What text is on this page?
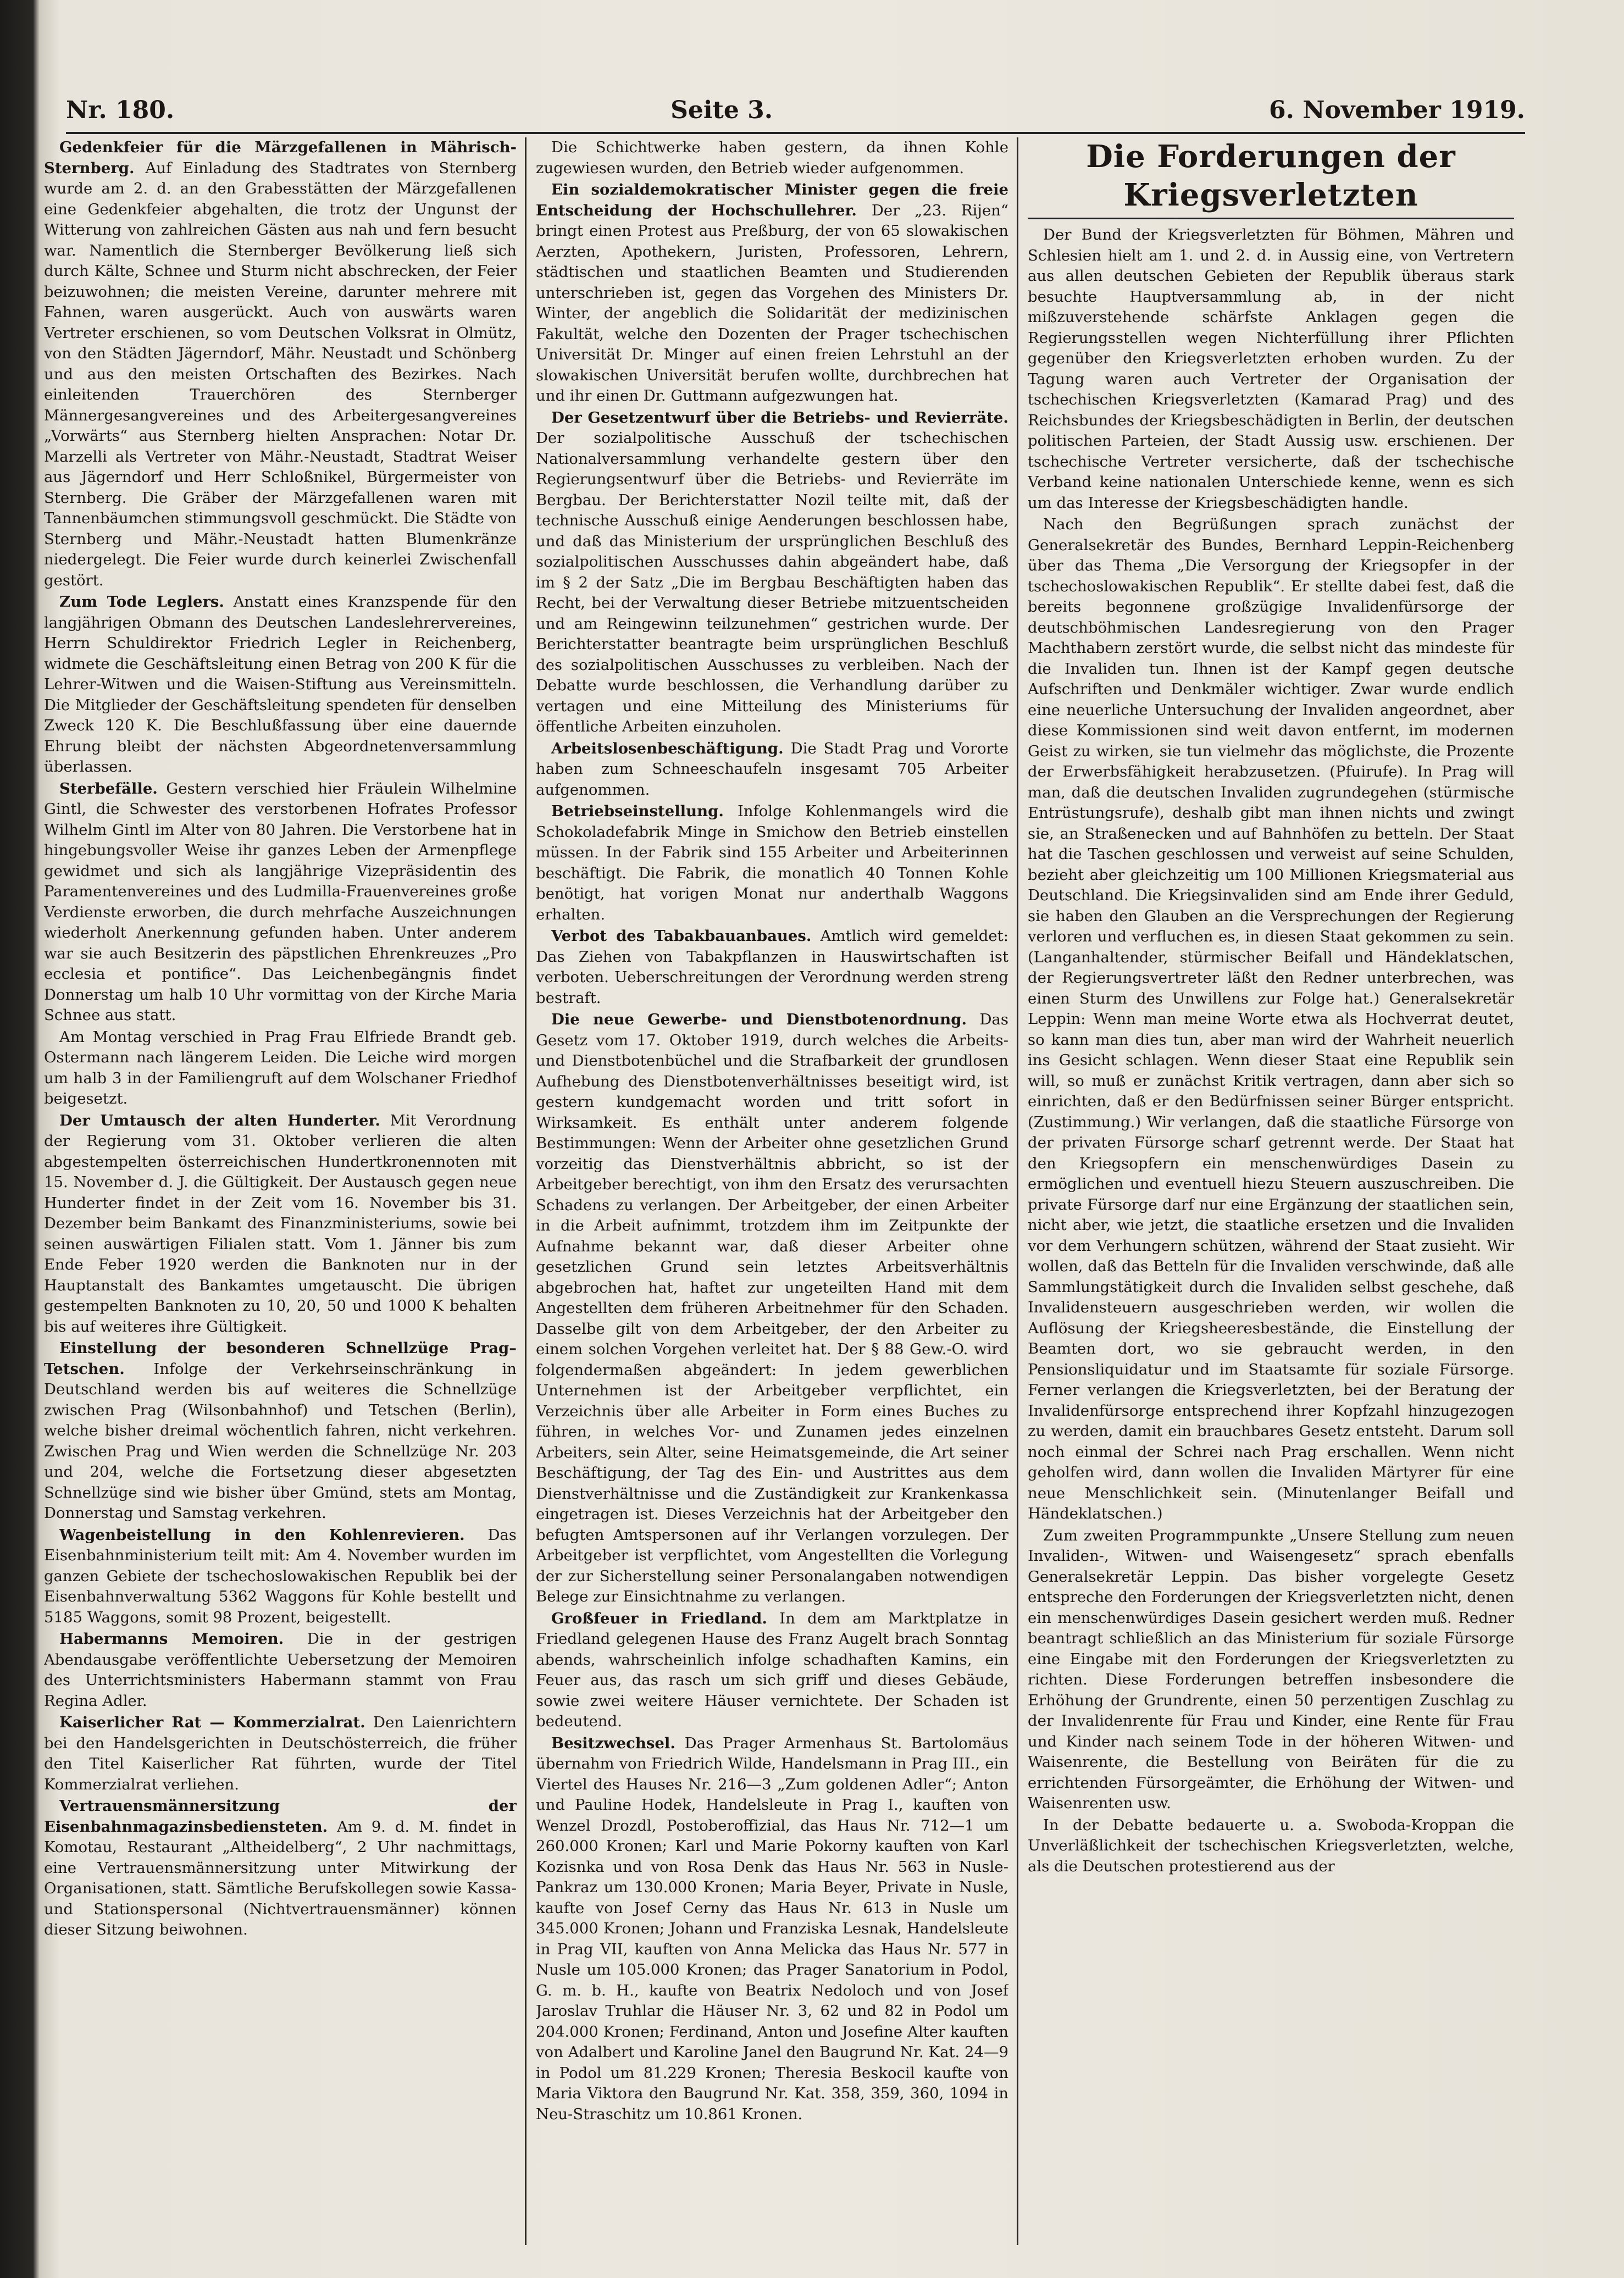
Nr. 180.	Seite 3.	6. November 1919.

Gedenkfeier für die Märzgefallenen in Mährisch-Sternberg. Auf Einladung des Stadtrates von Sternberg wurde am 2. d. an den Grabesstätten der Märzgefallenen eine Gedenkfeier abgehalten, die trotz der Ungunst der Witterung von zahlreichen Gästen aus nah und fern besucht war. Namentlich die Sternberger Bevölkerung ließ sich durch Kälte, Schnee und Sturm nicht abschrecken, der Feier beizuwohnen; die meisten Vereine, darunter mehrere mit Fahnen, waren ausgerückt. Auch von auswärts waren Vertreter erschienen, so vom Deutschen Volksrat in Olmütz, von den Städten Jägerndorf, Mähr. Neustadt und Schönberg und aus den meisten Ortschaften des Bezirkes. Nach einleitenden Trauerchören des Sternberger Männergesangvereines und des Arbeitergesangvereines „Vorwärts“ aus Sternberg hielten Ansprachen: Notar Dr. Marzelli als Vertreter von Mähr.-Neustadt, Stadtrat Weiser aus Jägerndorf und Herr Schloßnikel, Bürgermeister von Sternberg. Die Gräber der Märzgefallenen waren mit Tannenbäumchen stimmungsvoll geschmückt. Die Städte von Sternberg und Mähr.-Neustadt hatten Blumenkränze niedergelegt. Die Feier wurde durch keinerlei Zwischenfall gestört.

Zum Tode Leglers. Anstatt eines Kranzspende für den langjährigen Obmann des Deutschen Landeslehrervereines, Herrn Schuldirektor Friedrich Legler in Reichenberg, widmete die Geschäftsleitung einen Betrag von 200 K für die Lehrer-Witwen und die Waisen-Stiftung aus Vereinsmitteln. Die Mitglieder der Geschäftsleitung spendeten für denselben Zweck 120 K. Die Beschlußfassung über eine dauernde Ehrung bleibt der nächsten Abgeordnetenversammlung überlassen.

Sterbefälle. Gestern verschied hier Fräulein Wilhelmine Gintl, die Schwester des verstorbenen Hofrates Professor Wilhelm Gintl im Alter von 80 Jahren. Die Verstorbene hat in hingebungsvoller Weise ihr ganzes Leben der Armenpflege gewidmet und sich als langjährige Vizepräsidentin des Paramentenvereines und des Ludmilla-Frauenvereines große Verdienste erworben, die durch mehrfache Auszeichnungen wiederholt Anerkennung gefunden haben. Unter anderem war sie auch Besitzerin des päpstlichen Ehrenkreuzes „Pro ecclesia et pontifice“. Das Leichenbegängnis findet Donnerstag um halb 10 Uhr vormittag von der Kirche Maria Schnee aus statt.

Am Montag verschied in Prag Frau Elfriede Brandt geb. Ostermann nach längerem Leiden. Die Leiche wird morgen um halb 3 in der Familiengruft auf dem Wolschaner Friedhof beigesetzt.

Der Umtausch der alten Hunderter. Mit Verordnung der Regierung vom 31. Oktober verlieren die alten abgestempelten österreichischen Hundertkronennoten mit 15. November d. J. die Gültigkeit. Der Austausch gegen neue Hunderter findet in der Zeit vom 16. November bis 31. Dezember beim Bankamt des Finanzministeriums, sowie bei seinen auswärtigen Filialen statt. Vom 1. Jänner bis zum Ende Feber 1920 werden die Banknoten nur in der Hauptanstalt des Bankamtes umgetauscht. Die übrigen gestempelten Banknoten zu 10, 20, 50 und 1000 K behalten bis auf weiteres ihre Gültigkeit.

Einstellung der besonderen Schnellzüge Prag–Tetschen. Infolge der Verkehrseinschränkung in Deutschland werden bis auf weiteres die Schnellzüge zwischen Prag (Wilsonbahnhof) und Tetschen (Berlin), welche bisher dreimal wöchentlich fahren, nicht verkehren. Zwischen Prag und Wien werden die Schnellzüge Nr. 203 und 204, welche die Fortsetzung dieser abgesetzten Schnellzüge sind wie bisher über Gmünd, stets am Montag, Donnerstag und Samstag verkehren.

Wagenbeistellung in den Kohlenrevieren. Das Eisenbahnministerium teilt mit: Am 4. November wurden im ganzen Gebiete der tschechoslowakischen Republik bei der Eisenbahnverwaltung 5362 Waggons für Kohle bestellt und 5185 Waggons, somit 98 Prozent, beigestellt.

Habermanns Memoiren. Die in der gestrigen Abendausgabe veröffentlichte Uebersetzung der Memoiren des Unterrichtsministers Habermann stammt von Frau Regina Adler.

Kaiserlicher Rat — Kommerzialrat. Den Laienrichtern bei den Handelsgerichten in Deutschösterreich, die früher den Titel Kaiserlicher Rat führten, wurde der Titel Kommerzialrat verliehen.

Vertrauensmännersitzung der Eisenbahnmagazinsbediensteten. Am 9. d. M. findet in Komotau, Restaurant „Altheidelberg“, 2 Uhr nachmittags, eine Vertrauensmännersitzung unter Mitwirkung der Organisationen, statt. Sämtliche Berufskollegen sowie Kassa- und Stationspersonal (Nichtvertrauensmänner) können dieser Sitzung beiwohnen.

Die Schichtwerke haben gestern, da ihnen Kohle zugewiesen wurden, den Betrieb wieder aufgenommen.

Ein sozialdemokratischer Minister gegen die freie Entscheidung der Hochschullehrer. Der „23. Rijen“ bringt einen Protest aus Preßburg, der von 65 slowakischen Aerzten, Apothekern, Juristen, Professoren, Lehrern, städtischen und staatlichen Beamten und Studierenden unterschrieben ist, gegen das Vorgehen des Ministers Dr. Winter, der angeblich die Solidarität der medizinischen Fakultät, welche den Dozenten der Prager tschechischen Universität Dr. Minger auf einen freien Lehrstuhl an der slowakischen Universität berufen wollte, durchbrechen hat und ihr einen Dr. Guttmann aufgezwungen hat.

Der Gesetzentwurf über die Betriebs- und Revierräte. Der sozialpolitische Ausschuß der tschechischen Nationalversammlung verhandelte gestern über den Regierungsentwurf über die Betriebs- und Revierräte im Bergbau. Der Berichterstatter Nozil teilte mit, daß der technische Ausschuß einige Aenderungen beschlossen habe, und daß das Ministerium der ursprünglichen Beschluß des sozialpolitischen Ausschusses dahin abgeändert habe, daß im § 2 der Satz „Die im Bergbau Beschäftigten haben das Recht, bei der Verwaltung dieser Betriebe mitzuentscheiden und am Reingewinn teilzunehmen“ gestrichen wurde. Der Berichterstatter beantragte beim ursprünglichen Beschluß des sozialpolitischen Ausschusses zu verbleiben. Nach der Debatte wurde beschlossen, die Verhandlung darüber zu vertagen und eine Mitteilung des Ministeriums für öffentliche Arbeiten einzuholen.

Arbeitslosenbeschäftigung. Die Stadt Prag und Vororte haben zum Schneeschaufeln insgesamt 705 Arbeiter aufgenommen.

Betriebseinstellung. Infolge Kohlenmangels wird die Schokoladefabrik Minge in Smichow den Betrieb einstellen müssen. In der Fabrik sind 155 Arbeiter und Arbeiterinnen beschäftigt. Die Fabrik, die monatlich 40 Tonnen Kohle benötigt, hat vorigen Monat nur anderthalb Waggons erhalten.

Verbot des Tabakbauanbaues. Amtlich wird gemeldet: Das Ziehen von Tabakpflanzen in Hauswirtschaften ist verboten. Ueberschreitungen der Verordnung werden streng bestraft.

Die neue Gewerbe- und Dienstbotenordnung. Das Gesetz vom 17. Oktober 1919, durch welches die Arbeits- und Dienstbotenbüchel und die Strafbarkeit der grundlosen Aufhebung des Dienstbotenverhältnisses beseitigt wird, ist gestern kundgemacht worden und tritt sofort in Wirksamkeit. Es enthält unter anderem folgende Bestimmungen: Wenn der Arbeiter ohne gesetzlichen Grund vorzeitig das Dienstverhältnis abbricht, so ist der Arbeitgeber berechtigt, von ihm den Ersatz des verursachten Schadens zu verlangen. Der Arbeitgeber, der einen Arbeiter in die Arbeit aufnimmt, trotzdem ihm im Zeitpunkte der Aufnahme bekannt war, daß dieser Arbeiter ohne gesetzlichen Grund sein letztes Arbeitsverhältnis abgebrochen hat, haftet zur ungeteilten Hand mit dem Angestellten dem früheren Arbeitnehmer für den Schaden. Dasselbe gilt von dem Arbeitgeber, der den Arbeiter zu einem solchen Vorgehen verleitet hat. Der § 88 Gew.-O. wird folgendermaßen abgeändert: In jedem gewerblichen Unternehmen ist der Arbeitgeber verpflichtet, ein Verzeichnis über alle Arbeiter in Form eines Buches zu führen, in welches Vor- und Zunamen jedes einzelnen Arbeiters, sein Alter, seine Heimatsgemeinde, die Art seiner Beschäftigung, der Tag des Ein- und Austrittes aus dem Dienstverhältnisse und die Zuständigkeit zur Krankenkassa eingetragen ist. Dieses Verzeichnis hat der Arbeitgeber den befugten Amtspersonen auf ihr Verlangen vorzulegen. Der Arbeitgeber ist verpflichtet, vom Angestellten die Vorlegung der zur Sicherstellung seiner Personalangaben notwendigen Belege zur Einsichtnahme zu verlangen.

Großfeuer in Friedland. In dem am Marktplatze in Friedland gelegenen Hause des Franz Augelt brach Sonntag abends, wahrscheinlich infolge schadhaften Kamins, ein Feuer aus, das rasch um sich griff und dieses Gebäude, sowie zwei weitere Häuser vernichtete. Der Schaden ist bedeutend.

Besitzwechsel. Das Prager Armenhaus St. Bartolomäus übernahm von Friedrich Wilde, Handelsmann in Prag III., ein Viertel des Hauses Nr. 216—3 „Zum goldenen Adler“; Anton und Pauline Hodek, Handelsleute in Prag I., kauften von Wenzel Drozdl, Postoberoffizial, das Haus Nr. 712—1 um 260.000 Kronen; Karl und Marie Pokorny kauften von Karl Kozisnka und von Rosa Denk das Haus Nr. 563 in Nusle-Pankraz um 130.000 Kronen; Maria Beyer, Private in Nusle, kaufte von Josef Cerny das Haus Nr. 613 in Nusle um 345.000 Kronen; Johann und Franziska Lesnak, Handelsleute in Prag VII, kauften von Anna Melicka das Haus Nr. 577 in Nusle um 105.000 Kronen; das Prager Sanatorium in Podol, G. m. b. H., kaufte von Beatrix Nedoloch und von Josef Jaroslav Truhlar die Häuser Nr. 3, 62 und 82 in Podol um 204.000 Kronen; Ferdinand, Anton und Josefine Alter kauften von Adalbert und Karoline Janel den Baugrund Nr. Kat. 24—9 in Podol um 81.229 Kronen; Theresia Beskocil kaufte von Maria Viktora den Baugrund Nr. Kat. 358, 359, 360, 1094 in Neu-Straschitz um 10.861 Kronen.

Die Forderungen der Kriegsverletzten

Der Bund der Kriegsverletzten für Böhmen, Mähren und Schlesien hielt am 1. und 2. d. in Aussig eine, von Vertretern aus allen deutschen Gebieten der Republik überaus stark besuchte Hauptversammlung ab, in der nicht mißzuverstehende schärfste Anklagen gegen die Regierungsstellen wegen Nichterfüllung ihrer Pflichten gegenüber den Kriegsverletzten erhoben wurden. Zu der Tagung waren auch Vertreter der Organisation der tschechischen Kriegsverletzten (Kamarad Prag) und des Reichsbundes der Kriegsbeschädigten in Berlin, der deutschen politischen Parteien, der Stadt Aussig usw. erschienen. Der tschechische Vertreter versicherte, daß der tschechische Verband keine nationalen Unterschiede kenne, wenn es sich um das Interesse der Kriegsbeschädigten handle.

Nach den Begrüßungen sprach zunächst der Generalsekretär des Bundes, Bernhard Leppin-Reichenberg über das Thema „Die Versorgung der Kriegsopfer in der tschechoslowakischen Republik“. Er stellte dabei fest, daß die bereits begonnene großzügige Invalidenfürsorge der deutschböhmischen Landesregierung von den Prager Machthabern zerstört wurde, die selbst nicht das mindeste für die Invaliden tun. Ihnen ist der Kampf gegen deutsche Aufschriften und Denkmäler wichtiger. Zwar wurde endlich eine neuerliche Untersuchung der Invaliden angeordnet, aber diese Kommissionen sind weit davon entfernt, im modernen Geist zu wirken, sie tun vielmehr das möglichste, die Prozente der Erwerbsfähigkeit herabzusetzen. (Pfuirufe). In Prag will man, daß die deutschen Invaliden zugrundegehen (stürmische Entrüstungsrufe), deshalb gibt man ihnen nichts und zwingt sie, an Straßenecken und auf Bahnhöfen zu betteln. Der Staat hat die Taschen geschlossen und verweist auf seine Schulden, bezieht aber gleichzeitig um 100 Millionen Kriegsmaterial aus Deutschland. Die Kriegsinvaliden sind am Ende ihrer Geduld, sie haben den Glauben an die Versprechungen der Regierung verloren und verfluchen es, in diesen Staat gekommen zu sein. (Langanhaltender, stürmischer Beifall und Händeklatschen, der Regierungsvertreter läßt den Redner unterbrechen, was einen Sturm des Unwillens zur Folge hat.) Generalsekretär Leppin: Wenn man meine Worte etwa als Hochverrat deutet, so kann man dies tun, aber man wird der Wahrheit neuerlich ins Gesicht schlagen. Wenn dieser Staat eine Republik sein will, so muß er zunächst Kritik vertragen, dann aber sich so einrichten, daß er den Bedürfnissen seiner Bürger entspricht. (Zustimmung.) Wir verlangen, daß die staatliche Fürsorge von der privaten Fürsorge scharf getrennt werde. Der Staat hat den Kriegsopfern ein menschenwürdiges Dasein zu ermöglichen und eventuell hiezu Steuern auszuschreiben. Die private Fürsorge darf nur eine Ergänzung der staatlichen sein, nicht aber, wie jetzt, die staatliche ersetzen und die Invaliden vor dem Verhungern schützen, während der Staat zusieht. Wir wollen, daß das Betteln für die Invaliden verschwinde, daß alle Sammlungstätigkeit durch die Invaliden selbst geschehe, daß Invalidensteuern ausgeschrieben werden, wir wollen die Auflösung der Kriegsheeresbestände, die Einstellung der Beamten dort, wo sie gebraucht werden, in den Pensionsliquidatur und im Staatsamte für soziale Fürsorge. Ferner verlangen die Kriegsverletzten, bei der Beratung der Invalidenfürsorge entsprechend ihrer Kopfzahl hinzugezogen zu werden, damit ein brauchbares Gesetz entsteht. Darum soll noch einmal der Schrei nach Prag erschallen. Wenn nicht geholfen wird, dann wollen die Invaliden Märtyrer für eine neue Menschlichkeit sein. (Minutenlanger Beifall und Händeklatschen.)

Zum zweiten Programmpunkte „Unsere Stellung zum neuen Invaliden-, Witwen- und Waisengesetz“ sprach ebenfalls Generalsekretär Leppin. Das bisher vorgelegte Gesetz entspreche den Forderungen der Kriegsverletzten nicht, denen ein menschenwürdiges Dasein gesichert werden muß. Redner beantragt schließlich an das Ministerium für soziale Fürsorge eine Eingabe mit den Forderungen der Kriegsverletzten zu richten. Diese Forderungen betreffen insbesondere die Erhöhung der Grundrente, einen 50 perzentigen Zuschlag zu der Invalidenrente für Frau und Kinder, eine Rente für Frau und Kinder nach seinem Tode in der höheren Witwen- und Waisenrente, die Bestellung von Beiräten für die zu errichtenden Fürsorgeämter, die Erhöhung der Witwen- und Waisenrenten usw.

In der Debatte bedauerte u. a. Swoboda-Kroppan die Unverläßlichkeit der tschechischen Kriegsverletzten, welche, als die Deutschen protestierend aus der
